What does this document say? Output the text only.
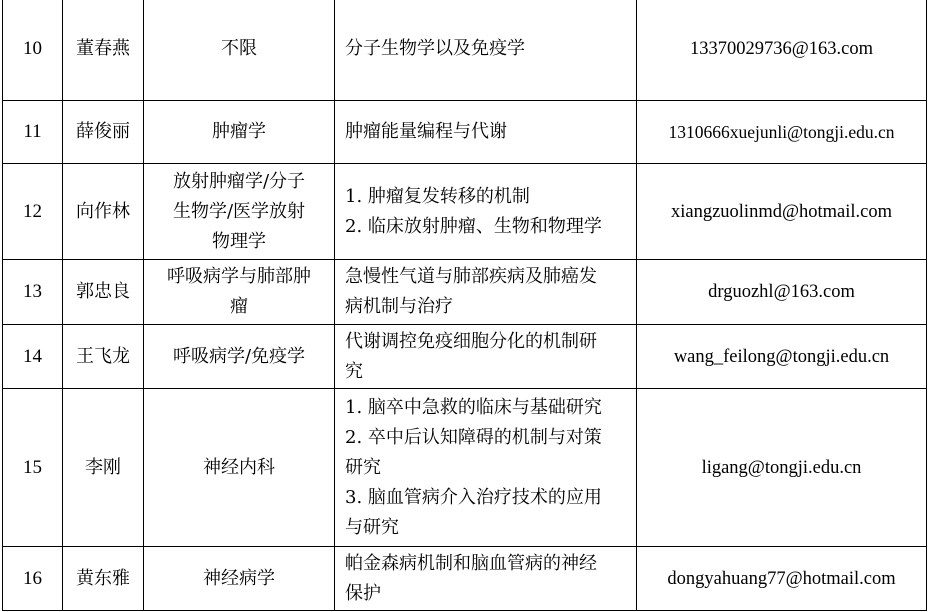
10	董春燕	不限	分子生物学以及免疫学	13370029736@163.com
11	薛俊丽	肿瘤学	肿瘤能量编程与代谢	1310666xuejunli@tongji.edu.cn
12	向作林	放射肿瘤学/分子
生物学/医学放射
物理学	1. 肿瘤复发转移的机制
2. 临床放射肿瘤、生物和物理学	xiangzuolinmd@hotmail.com
13	郭忠良	呼吸病学与肺部肿
瘤	急慢性气道与肺部疾病及肺癌发
病机制与治疗	drguozhl@163.com
14	王飞龙	呼吸病学/免疫学	代谢调控免疫细胞分化的机制研
究	wang_feilong@tongji.edu.cn
15	李刚	神经内科	1. 脑卒中急救的临床与基础研究
2. 卒中后认知障碍的机制与对策
研究
3. 脑血管病介入治疗技术的应用
与研究	ligang@tongji.edu.cn
16	黄东雅	神经病学	帕金森病机制和脑血管病的神经
保护	dongyahuang77@hotmail.com
